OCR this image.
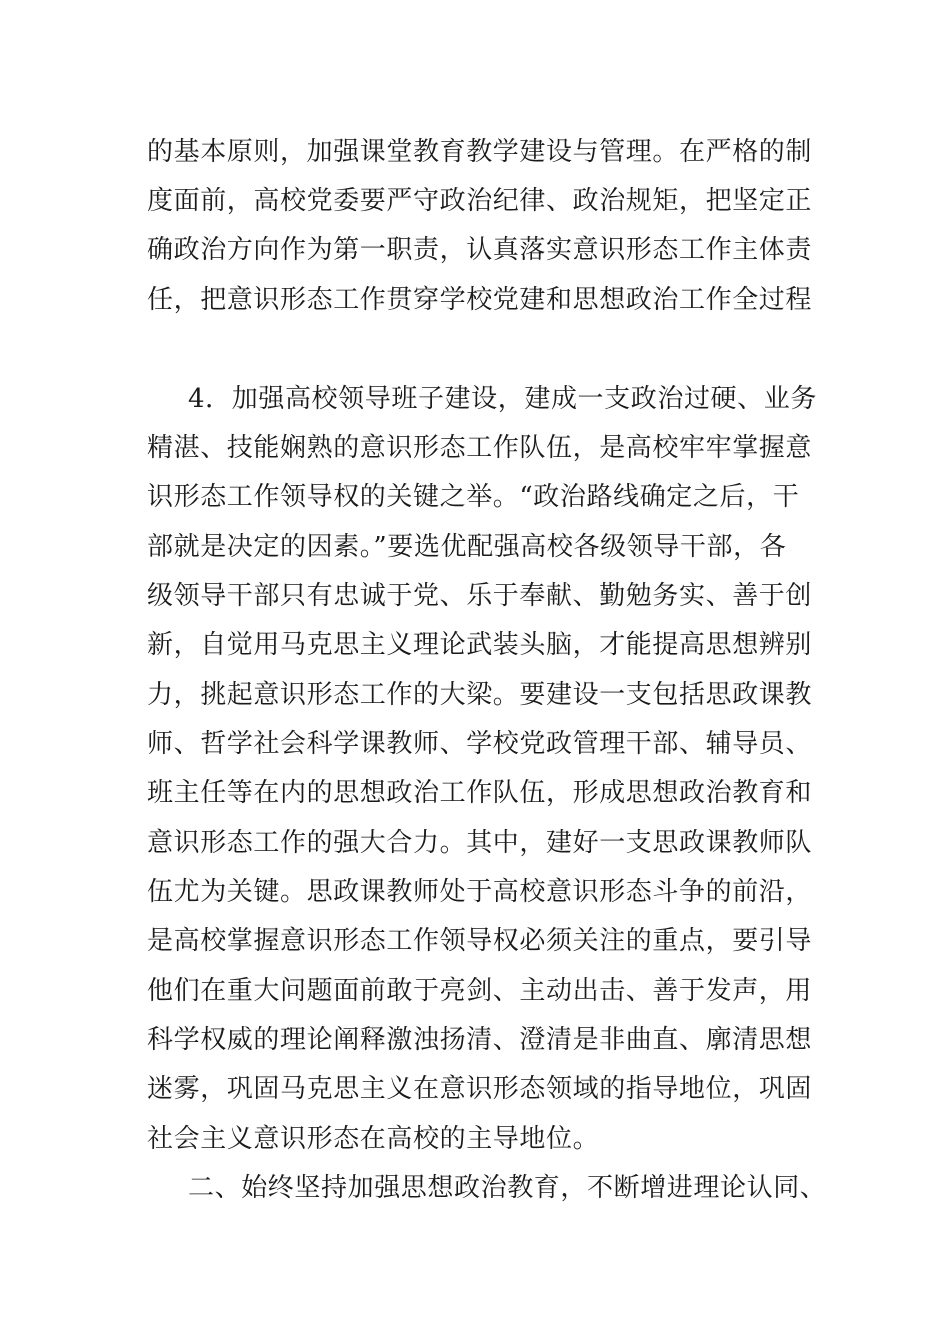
的基本原则，加强课堂教育教学建设与管理。在严格的制
度面前，高校党委要严守政治纪律、政治规矩，把坚定正
确政治方向作为第一职责，认真落实意识形态工作主体责
任，把意识形态工作贯穿学校党建和思想政治工作全过程
4．加强高校领导班子建设，建成一支政治过硬、业务
精湛、技能娴熟的意识形态工作队伍，是高校牢牢掌握意
识形态工作领导权的关键之举。“政治路线确定之后，干
部就是决定的因素。”要选优配强高校各级领导干部，各
级领导干部只有忠诚于党、乐于奉献、勤勉务实、善于创
新，自觉用马克思主义理论武装头脑，才能提高思想辨别
力，挑起意识形态工作的大梁。要建设一支包括思政课教
师、哲学社会科学课教师、学校党政管理干部、辅导员、
班主任等在内的思想政治工作队伍，形成思想政治教育和
意识形态工作的强大合力。其中，建好一支思政课教师队
伍尤为关键。思政课教师处于高校意识形态斗争的前沿，
是高校掌握意识形态工作领导权必须关注的重点，要引导
他们在重大问题面前敢于亮剑、主动出击、善于发声，用
科学权威的理论阐释激浊扬清、澄清是非曲直、廓清思想
迷雾，巩固马克思主义在意识形态领域的指导地位，巩固
社会主义意识形态在高校的主导地位。
二、始终坚持加强思想政治教育，不断增进理论认同、
